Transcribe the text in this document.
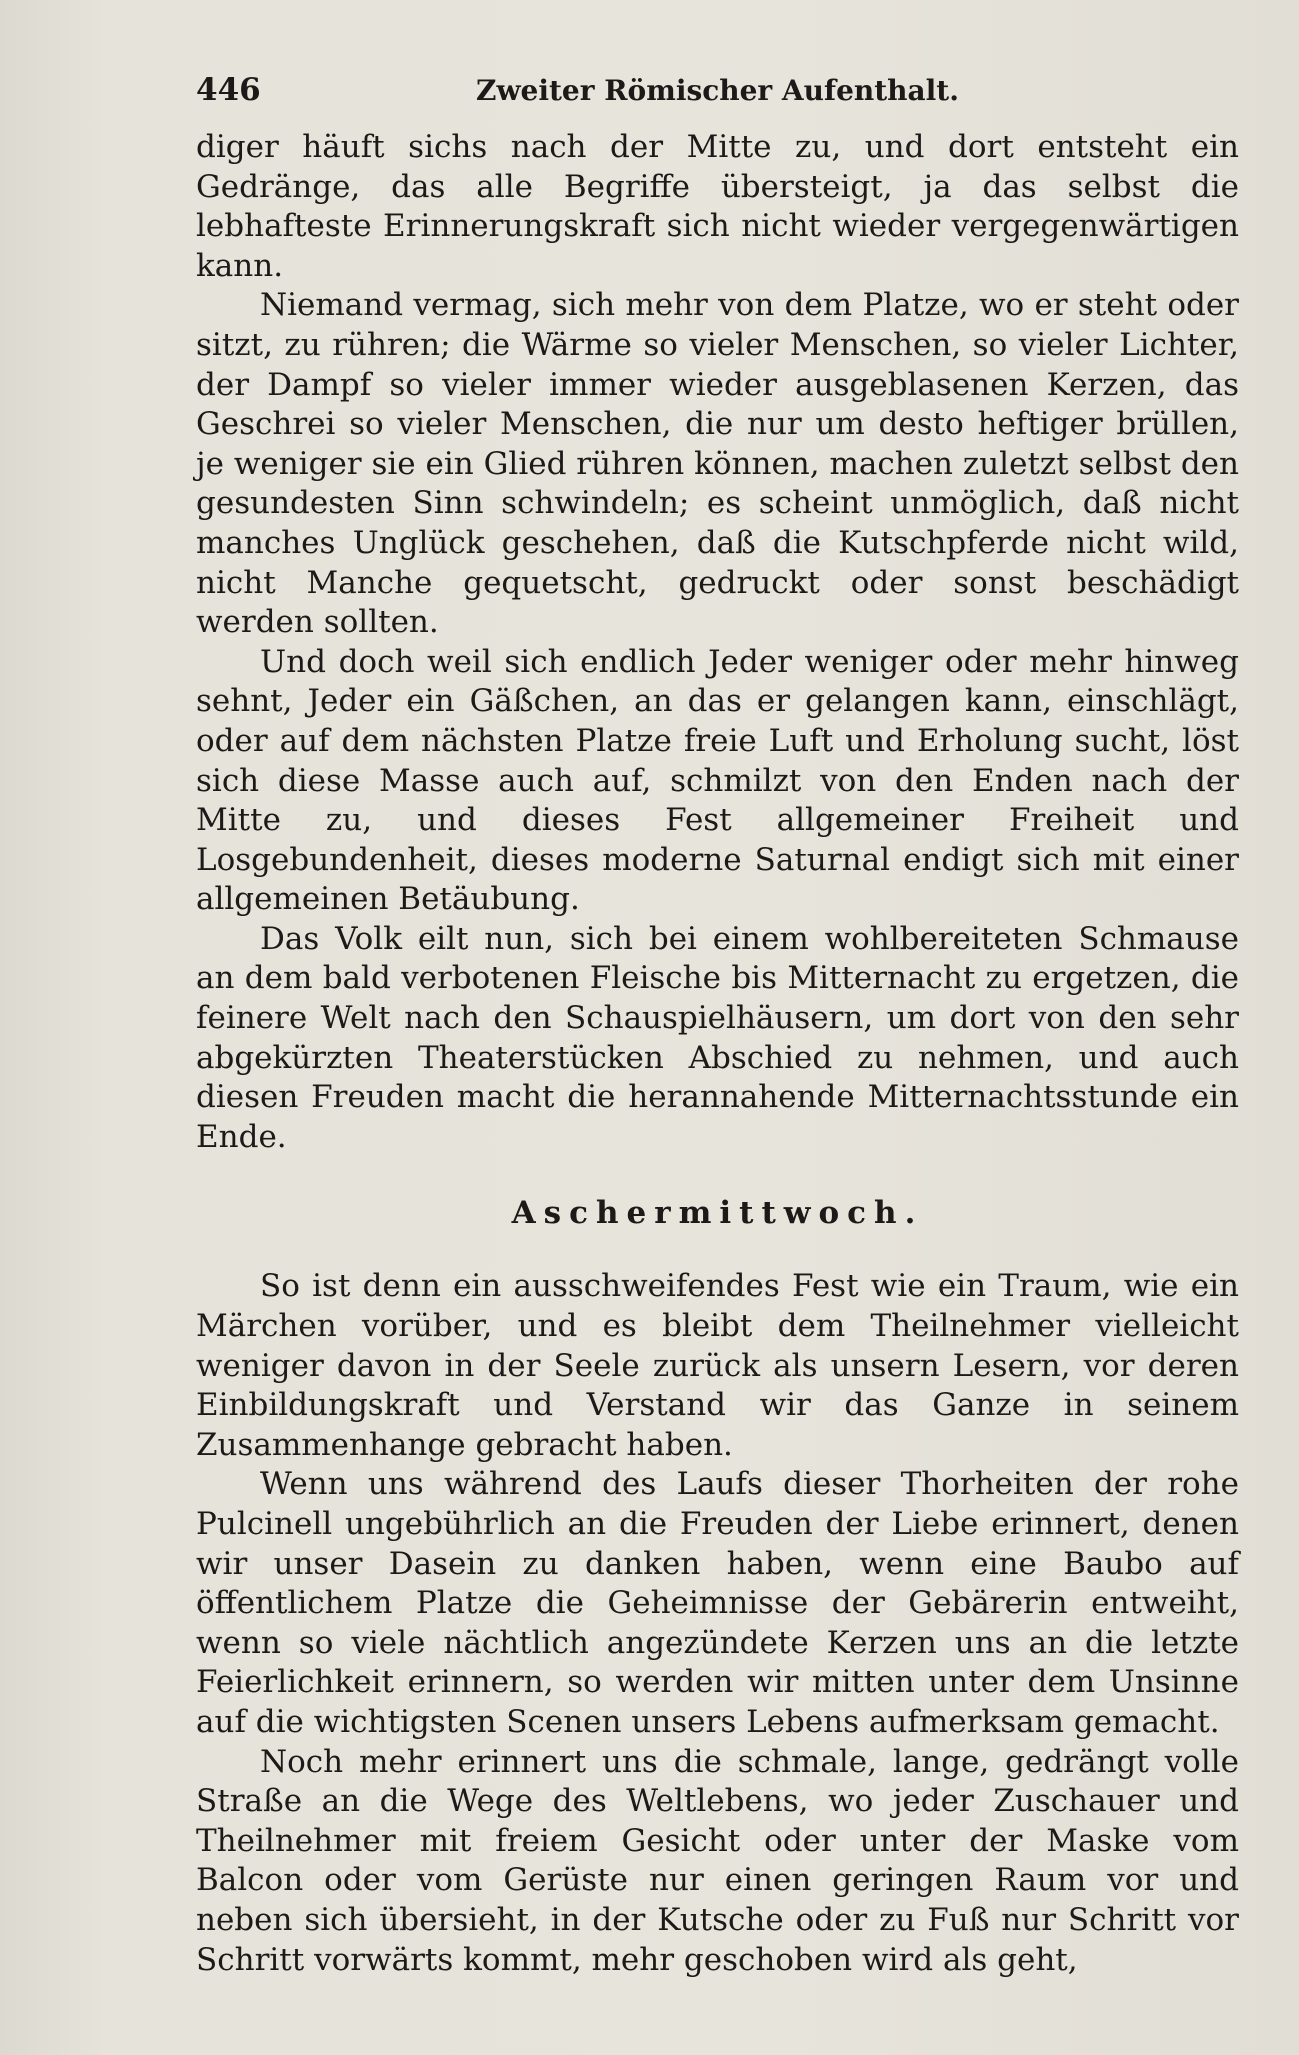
446	Zweiter Römischer Aufenthalt.

diger häuft sichs nach der Mitte zu, und dort entsteht ein Gedränge, das alle Begriffe übersteigt, ja das selbst die lebhafteste Erinnerungskraft sich nicht wieder vergegenwärtigen kann.

Niemand vermag, sich mehr von dem Platze, wo er steht oder sitzt, zu rühren; die Wärme so vieler Menschen, so vieler Lichter, der Dampf so vieler immer wieder ausgeblasenen Kerzen, das Geschrei so vieler Menschen, die nur um desto heftiger brüllen, je weniger sie ein Glied rühren können, machen zuletzt selbst den gesundesten Sinn schwindeln; es scheint unmöglich, daß nicht manches Unglück geschehen, daß die Kutschpferde nicht wild, nicht Manche gequetscht, gedruckt oder sonst beschädigt werden sollten.

Und doch weil sich endlich Jeder weniger oder mehr hinweg sehnt, Jeder ein Gäßchen, an das er gelangen kann, einschlägt, oder auf dem nächsten Platze freie Luft und Erholung sucht, löst sich diese Masse auch auf, schmilzt von den Enden nach der Mitte zu, und dieses Fest allgemeiner Freiheit und Losgebundenheit, dieses moderne Saturnal endigt sich mit einer allgemeinen Betäubung.

Das Volk eilt nun, sich bei einem wohlbereiteten Schmause an dem bald verbotenen Fleische bis Mitternacht zu ergetzen, die feinere Welt nach den Schauspielhäusern, um dort von den sehr abgekürzten Theaterstücken Abschied zu nehmen, und auch diesen Freuden macht die herannahende Mitternachtsstunde ein Ende.

Aschermittwoch.

So ist denn ein ausschweifendes Fest wie ein Traum, wie ein Märchen vorüber, und es bleibt dem Theilnehmer vielleicht weniger davon in der Seele zurück als unsern Lesern, vor deren Einbildungskraft und Verstand wir das Ganze in seinem Zusammenhange gebracht haben.

Wenn uns während des Laufs dieser Thorheiten der rohe Pulcinell ungebührlich an die Freuden der Liebe erinnert, denen wir unser Dasein zu danken haben, wenn eine Baubo auf öffentlichem Platze die Geheimnisse der Gebärerin entweiht, wenn so viele nächtlich angezündete Kerzen uns an die letzte Feierlichkeit erinnern, so werden wir mitten unter dem Unsinne auf die wichtigsten Scenen unsers Lebens aufmerksam gemacht.

Noch mehr erinnert uns die schmale, lange, gedrängt volle Straße an die Wege des Weltlebens, wo jeder Zuschauer und Theilnehmer mit freiem Gesicht oder unter der Maske vom Balcon oder vom Gerüste nur einen geringen Raum vor und neben sich übersieht, in der Kutsche oder zu Fuß nur Schritt vor Schritt vorwärts kommt, mehr geschoben wird als geht,
